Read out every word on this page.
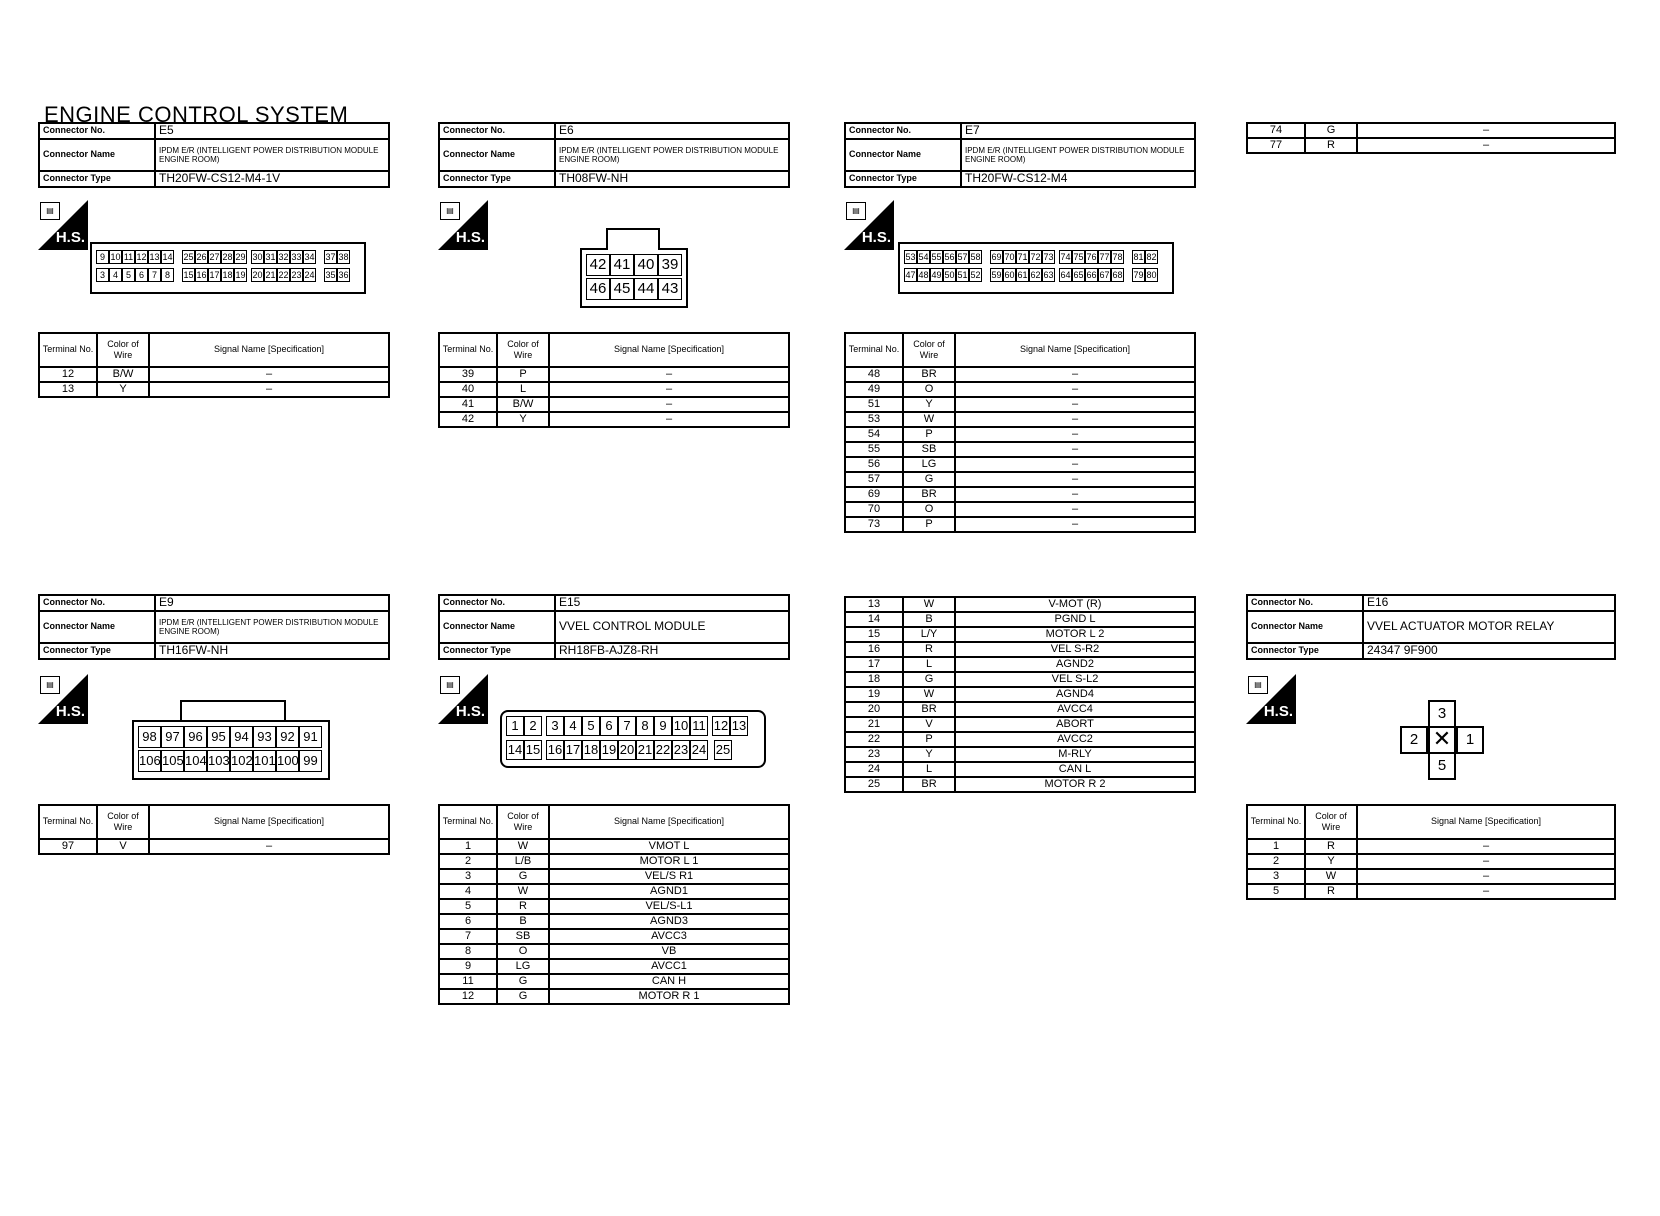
ENGINE CONTROL SYSTEM
Connector No.	E5
Connector Name	IPDM E/R (INTELLIGENT POWER DISTRIBUTION MODULE ENGINE ROOM)
Connector Type	TH20FW-CS12-M4-1V
▤
H.S.
9 10 11 12 13 14 25 26 27 28 29 30 31 32 33 34 37 38
3 4 5 6 7 8	15 16 17 18 19 20 21 22 23 24 35 36
Terminal No.	Color of Wire	Signal Name [Specification]
12	B/W	–
13	Y	–
Connector No.	E6
Connector Name	IPDM E/R (INTELLIGENT POWER DISTRIBUTION MODULE ENGINE ROOM)
Connector Type	TH08FW-NH
▤
H.S.
42 41 40 39
46 45 44 43
Terminal No.	Color of Wire	Signal Name [Specification]
39	P	–
40	L	–
41	B/W	–
42	Y	–
Connector No.	E7
Connector Name	IPDM E/R (INTELLIGENT POWER DISTRIBUTION MODULE ENGINE ROOM)
Connector Type	TH20FW-CS12-M4
▤
H.S.
53 54 55 56 57 58 69 70 71 72 73 74 75 76 77 78 81 82
47 48 49 50 51 52 59 60 61 62 63 64 65 66 67 68 79 80
Terminal No.	Color of Wire	Signal Name [Specification]
48	BR	–
49	O	–
51	Y	–
53	W	–
54	P	–
55	SB	–
56	LG	–
57	G	–
69	BR	–
70	O	–
73	P	–
74	G	–
77	R	–
Connector No.	E9
Connector Name	IPDM E/R (INTELLIGENT POWER DISTRIBUTION MODULE ENGINE ROOM)
Connector Type	TH16FW-NH
▤
H.S.
98 97 96 95 94 93 92 91
106 105 104 103 102 101 100 99
Terminal No.	Color of Wire	Signal Name [Specification]
97	V	–
Connector No.	E15
Connector Name	VVEL CONTROL MODULE
Connector Type	RH18FB-AJZ8-RH
▤
H.S.
1 2	3 4 5 6 7 8 9 10 11 12 13
14 15 16 17 18 19 20 21 22 23 24 25
Terminal No.	Color of Wire	Signal Name [Specification]
1	W	VMOT L
2	L/B	MOTOR L 1
3	G	VEL/S R1
4	W	AGND1
5	R	VEL/S-L1
6	B	AGND3
7	SB	AVCC3
8	O	VB
9	LG	AVCC1
11	G	CAN H
12	G	MOTOR R 1
13	W	V-MOT (R)
14	B	PGND L
15	L/Y	MOTOR L 2
16	R	VEL S-R2
17	L	AGND2
18	G	VEL S-L2
19	W	AGND4
20	BR	AVCC4
21	V	ABORT
22	P	AVCC2
23	Y	M-RLY
24	L	CAN L
25	BR	MOTOR R 2
Connector No.	E16
Connector Name	VVEL ACTUATOR MOTOR RELAY
Connector Type	24347 9F900
▤
H.S.	3
2 ✕ 1
5
Terminal No.	Color of Wire	Signal Name [Specification]
1	R	–
2	Y	–
3	W	–
5	R	–
